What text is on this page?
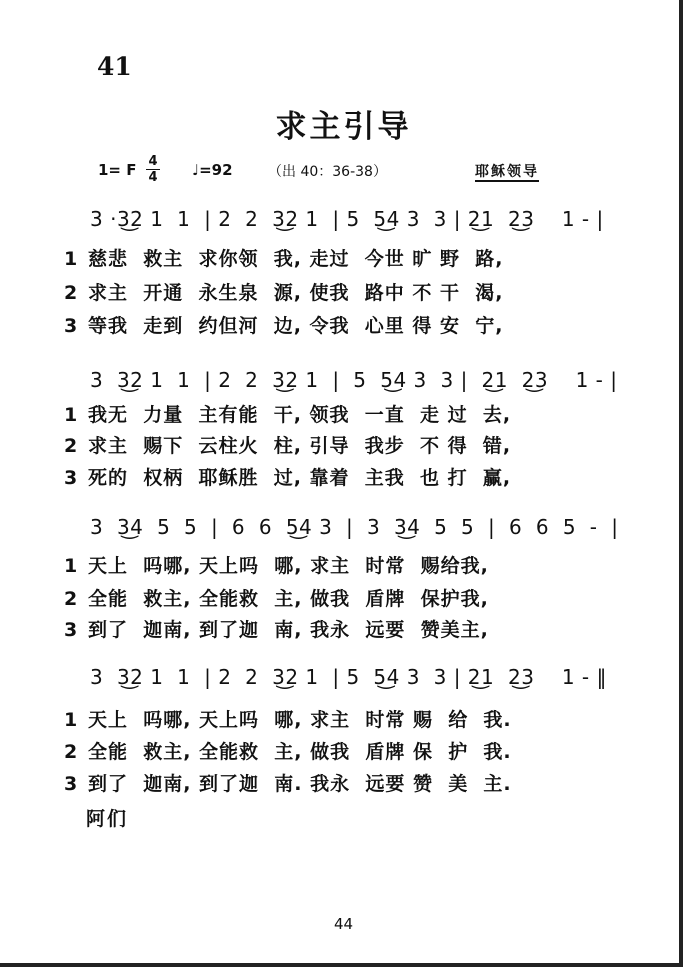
41
求主引导
1= F 4
4 ♩=92	（出 40：36-38）	耶稣领导
3 ·3͜2 1  1  | 2  2  3͜2 1  | 5  5͜4 3  3 | 2͜1  2͜3    1 - |
1 慈悲  救主  求你领  我, 走过  今世 旷 野  路,
2 求主  开通  永生泉  源, 使我  路中 不 干  渴,
3 等我  走到  约但河  边, 令我  心里 得 安  宁,
3  3͜2 1  1  | 2  2  3͜2 1  |  5  5͜4 3  3 |  2͜1  2͜3    1 - |
1 我无  力量  主有能  干, 领我  一直  走 过  去,
2 求主  赐下  云柱火  柱, 引导  我步  不 得  错,
3 死的  权柄  耶稣胜  过, 靠着  主我  也 打  赢,
3  3͜4  5  5  |  6  6  5͜4 3  |  3  3͜4  5  5  |  6  6  5  -  |
1 天上  吗哪, 天上吗  哪, 求主  时常  赐给我,
2 全能  救主, 全能救  主, 做我  盾牌  保护我,
3 到了  迦南, 到了迦  南, 我永  远要  赞美主,
3  3͜2 1  1  | 2  2  3͜2 1  | 5  5͜4 3  3 | 2͜1  2͜3    1 - ‖
1 天上  吗哪, 天上吗  哪, 求主  时常 赐  给  我.
2 全能  救主, 全能救  主, 做我  盾牌 保  护  我.
3 到了  迦南, 到了迦  南. 我永  远要 赞  美  主.
阿们
44
